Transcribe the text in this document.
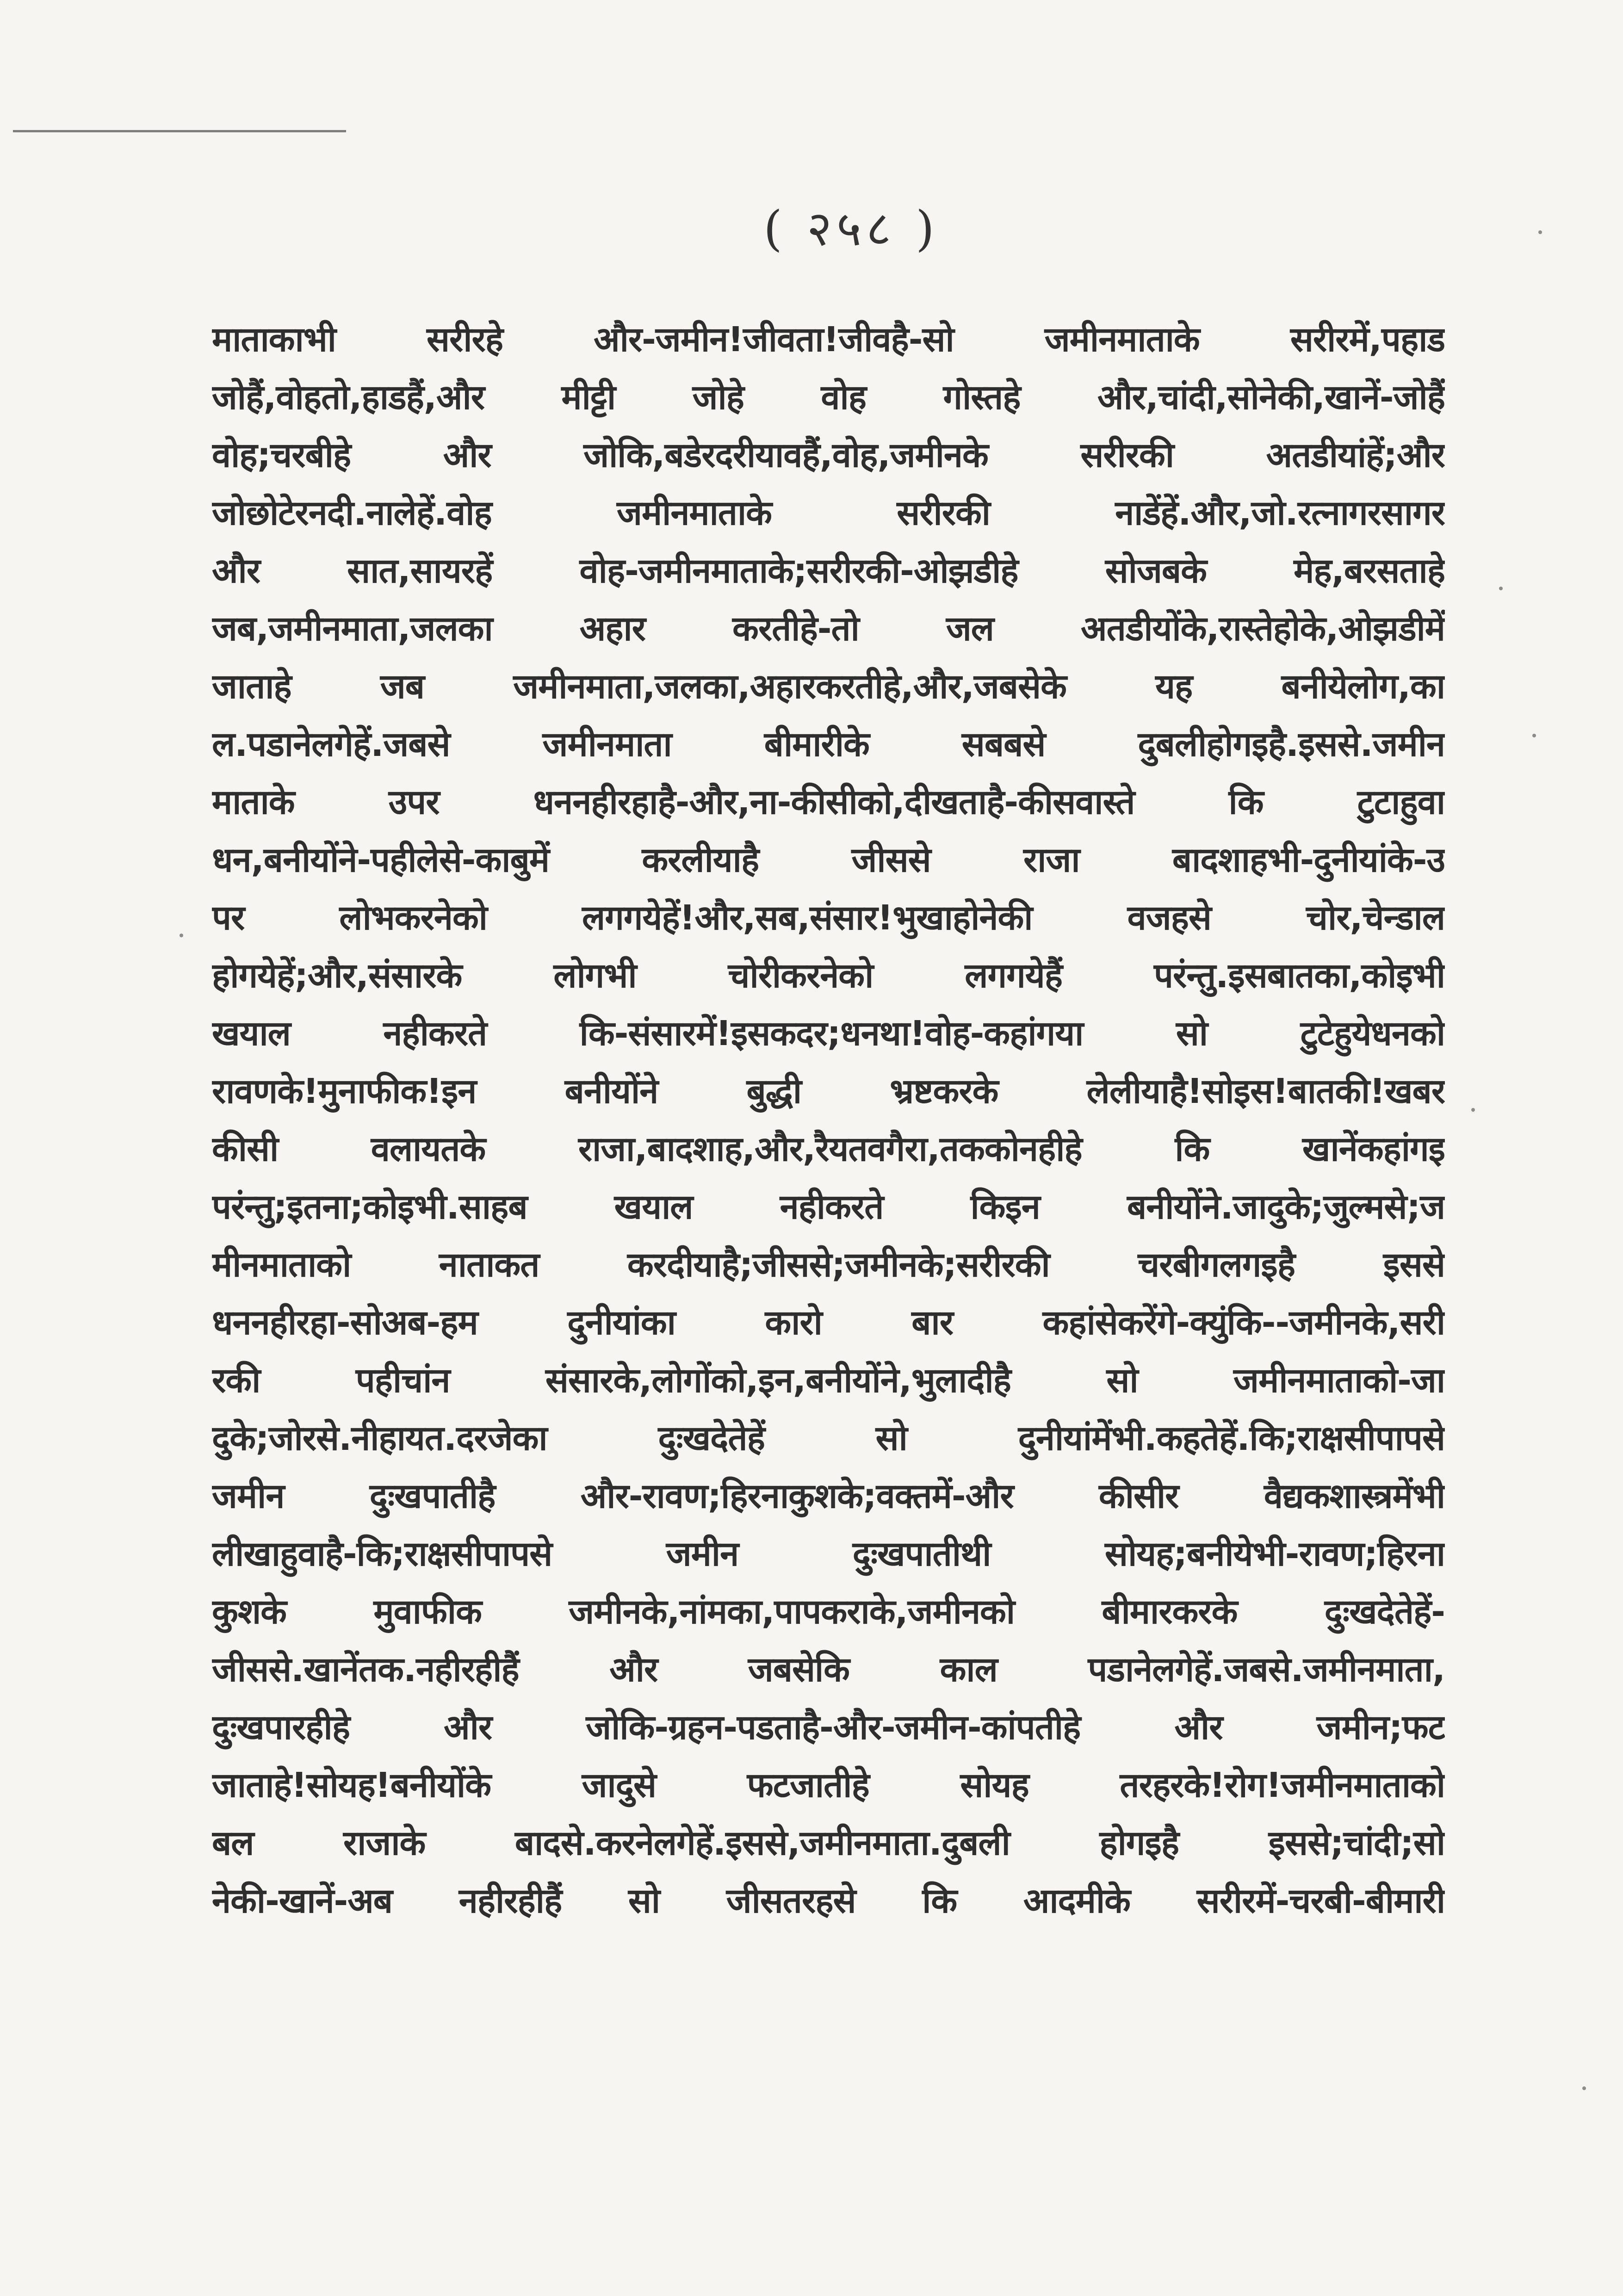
( २५८ )
माताकाभी सरीरहे और-जमीन!जीवता!जीवहै-सो जमीनमाताके सरीरमें,पहाड
जोहैं,वोहतो,हाडहैं,और मीट्टी जोहे वोह गोस्तहे और,चांदी,सोनेकी,खानें-जोहैं
वोह;चरबीहे और जोकि,बडेरदरीयावहैं,वोह,जमीनके सरीरकी अतडीयांहें;और
जोछोटेरनदी.नालेहें.वोह जमीनमाताके सरीरकी नाडेंहें.और,जो.रत्नागरसागर
और सात,सायरहें वोह-जमीनमाताके;सरीरकी-ओझडीहे सोजबके मेह,बरसताहे
जब,जमीनमाता,जलका अहार करतीहे-तो जल अतडीयोंके,रास्तेहोके,ओझडीमें
जाताहे जब जमीनमाता,जलका,अहारकरतीहे,और,जबसेके यह बनीयेलोग,का
ल.पडानेलगेहें.जबसे जमीनमाता बीमारीके सबबसे दुबलीहोगइहै.इससे.जमीन
माताके उपर धननहीरहाहै-और,ना-कीसीको,दीखताहै-कीसवास्ते कि टुटाहुवा
धन,बनीयोंने-पहीलेसे-काबुमें करलीयाहै जीससे राजा बादशाहभी-दुनीयांके-उ
पर लोभकरनेको लगगयेहें!और,सब,संसार!भुखाहोनेकी वजहसे चोर,चेन्डाल
होगयेहें;और,संसारके लोगभी चोरीकरनेको लगगयेहैं परंन्तु.इसबातका,कोइभी
खयाल नहीकरते कि-संसारमें!इसकदर;धनथा!वोह-कहांगया सो टुटेहुयेधनको
रावणके!मुनाफीक!इन बनीयोंने बुद्धी भ्रष्टकरके लेलीयाहै!सोइस!बातकी!खबर
कीसी वलायतके राजा,बादशाह,और,रैयतवगैरा,तककोनहीहे कि खानेंकहांगइ
परंन्तु;इतना;कोइभी.साहब खयाल नहीकरते किइन बनीयोंने.जादुके;जुल्मसे;ज
मीनमाताको नाताकत करदीयाहै;जीससे;जमीनके;सरीरकी चरबीगलगइहै इससे
धननहीरहा-सोअब-हम दुनीयांका कारो बार कहांसेकरेंगे-क्युंकि--जमीनके,सरी
रकी पहीचांन संसारके,लोगोंको,इन,बनीयोंने,भुलादीहै सो जमीनमाताको-जा
दुके;जोरसे.नीहायत.दरजेका दुःखदेतेहें सो दुनीयांमेंभी.कहतेहें.कि;राक्षसीपापसे
जमीन दुःखपातीहै और-रावण;हिरनाकुशके;वक्तमें-और कीसीर वैद्यकशास्त्रमेंभी
लीखाहुवाहै-कि;राक्षसीपापसे जमीन दुःखपातीथी सोयह;बनीयेभी-रावण;हिरना
कुशके मुवाफीक जमीनके,नांमका,पापकराके,जमीनको बीमारकरके दुःखदेतेहें-
जीससे.खानेंतक.नहीरहीहैं और जबसेकि काल पडानेलगेहें.जबसे.जमीनमाता,
दुःखपारहीहे और जोकि-ग्रहन-पडताहै-और-जमीन-कांपतीहे और जमीन;फट
जाताहे!सोयह!बनीयोंके जादुसे फटजातीहे सोयह तरहरके!रोग!जमीनमाताको
बल राजाके बादसे.करनेलगेहें.इससे,जमीनमाता.दुबली होगइहै इससे;चांदी;सो
नेकी-खानें-अब नहीरहीहैं सो जीसतरहसे कि आदमीके सरीरमें-चरबी-बीमारी
